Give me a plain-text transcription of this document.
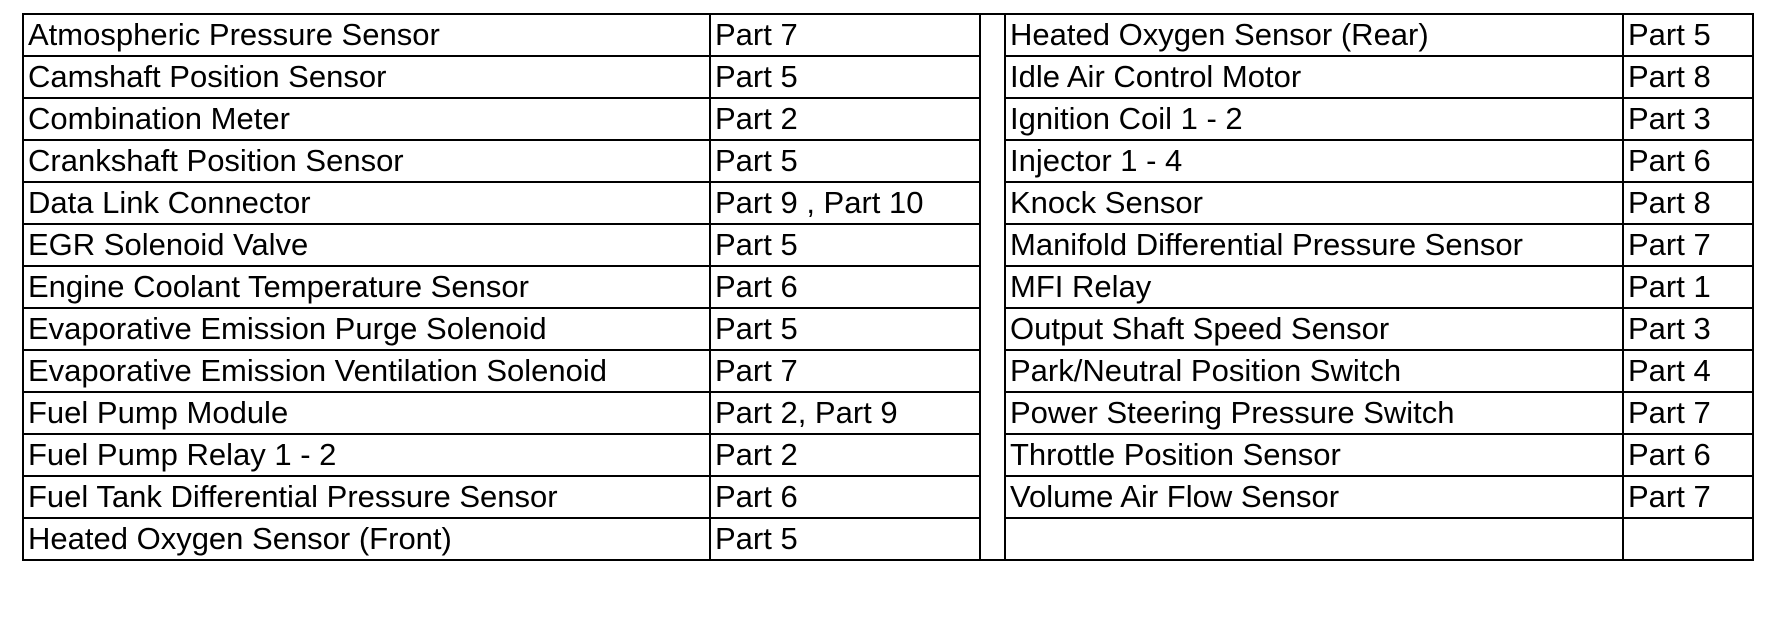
Atmospheric Pressure Sensor	Part 7		Heated Oxygen Sensor (Rear)	Part 5
Camshaft Position Sensor	Part 5		Idle Air Control Motor	Part 8
Combination Meter	Part 2		Ignition Coil 1 - 2	Part 3
Crankshaft Position Sensor	Part 5		Injector 1 - 4	Part 6
Data Link Connector	Part 9 , Part 10		Knock Sensor	Part 8
EGR Solenoid Valve	Part 5		Manifold Differential Pressure Sensor	Part 7
Engine Coolant Temperature Sensor	Part 6		MFI Relay	Part 1
Evaporative Emission Purge Solenoid	Part 5		Output Shaft Speed Sensor	Part 3
Evaporative Emission Ventilation Solenoid	Part 7		Park/Neutral Position Switch	Part 4
Fuel Pump Module	Part 2, Part 9		Power Steering Pressure Switch	Part 7
Fuel Pump Relay 1 - 2	Part 2		Throttle Position Sensor	Part 6
Fuel Tank Differential Pressure Sensor	Part 6		Volume Air Flow Sensor	Part 7
Heated Oxygen Sensor (Front)	Part 5			
